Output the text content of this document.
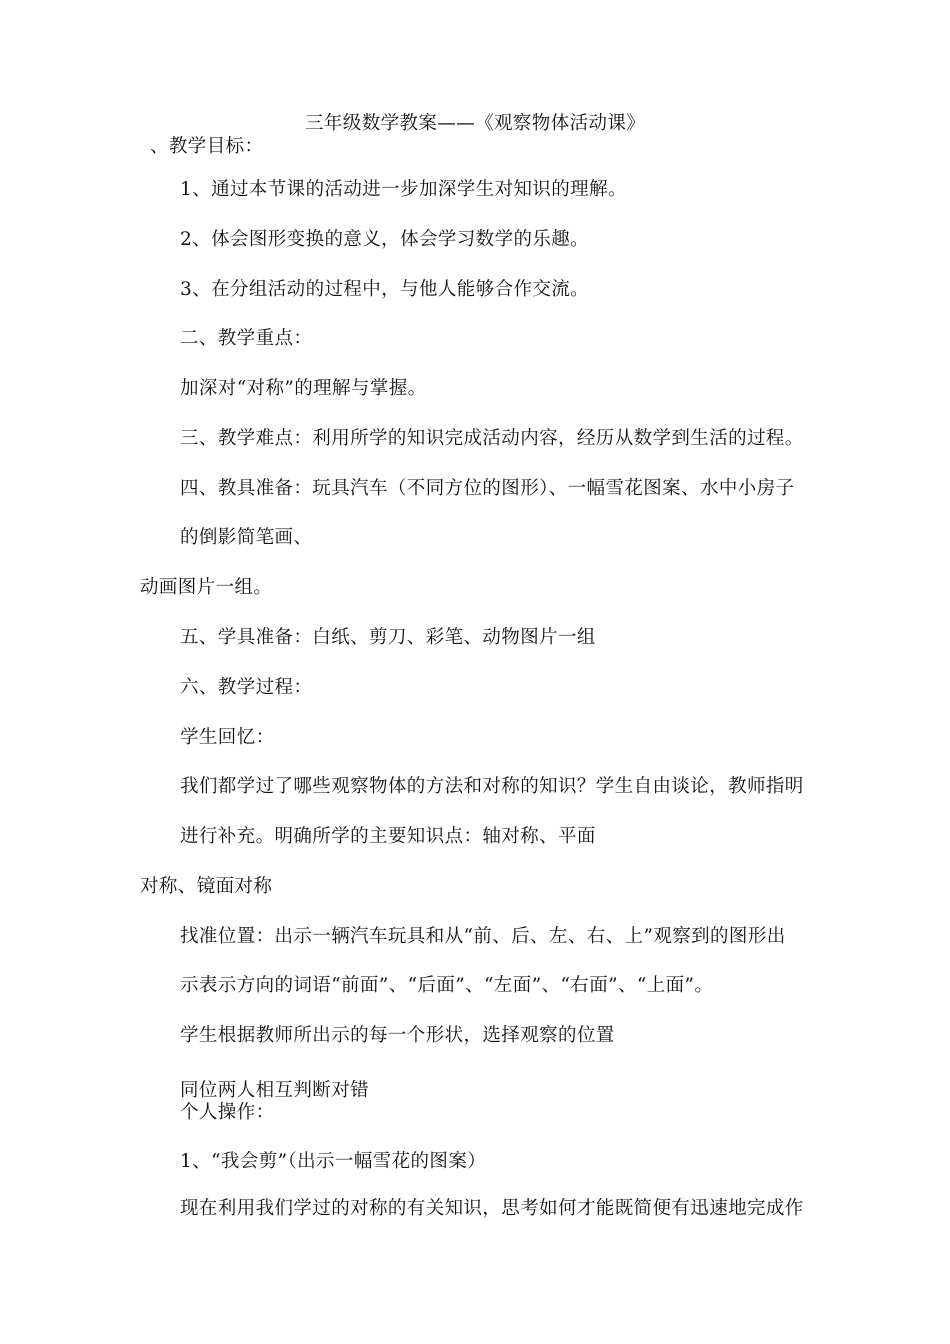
三年级数学教案——《观察物体活动课》
、教学目标：
1、通过本节课的活动进一步加深学生对知识的理解。
2、体会图形变换的意义，体会学习数学的乐趣。
3、在分组活动的过程中，与他人能够合作交流。
二、教学重点：
加深对“对称”的理解与掌握。
三、教学难点：利用所学的知识完成活动内容，经历从数学到生活的过程。
四、教具准备：玩具汽车（不同方位的图形）、一幅雪花图案、水中小房子
的倒影简笔画、
动画图片一组。
五、学具准备：白纸、剪刀、彩笔、动物图片一组
六、教学过程：
学生回忆：
我们都学过了哪些观察物体的方法和对称的知识？学生自由谈论，教师指明
进行补充。明确所学的主要知识点：轴对称、平面
对称、镜面对称
找准位置：出示一辆汽车玩具和从“前、后、左、右、上”观察到的图形出
示表示方向的词语“前面”、“后面”、“左面”、“右面”、“上面”。
学生根据教师所出示的每一个形状，选择观察的位置
同位两人相互判断对错
个人操作：
1、“我会剪”（出示一幅雪花的图案）
现在利用我们学过的对称的有关知识，思考如何才能既简便有迅速地完成作
